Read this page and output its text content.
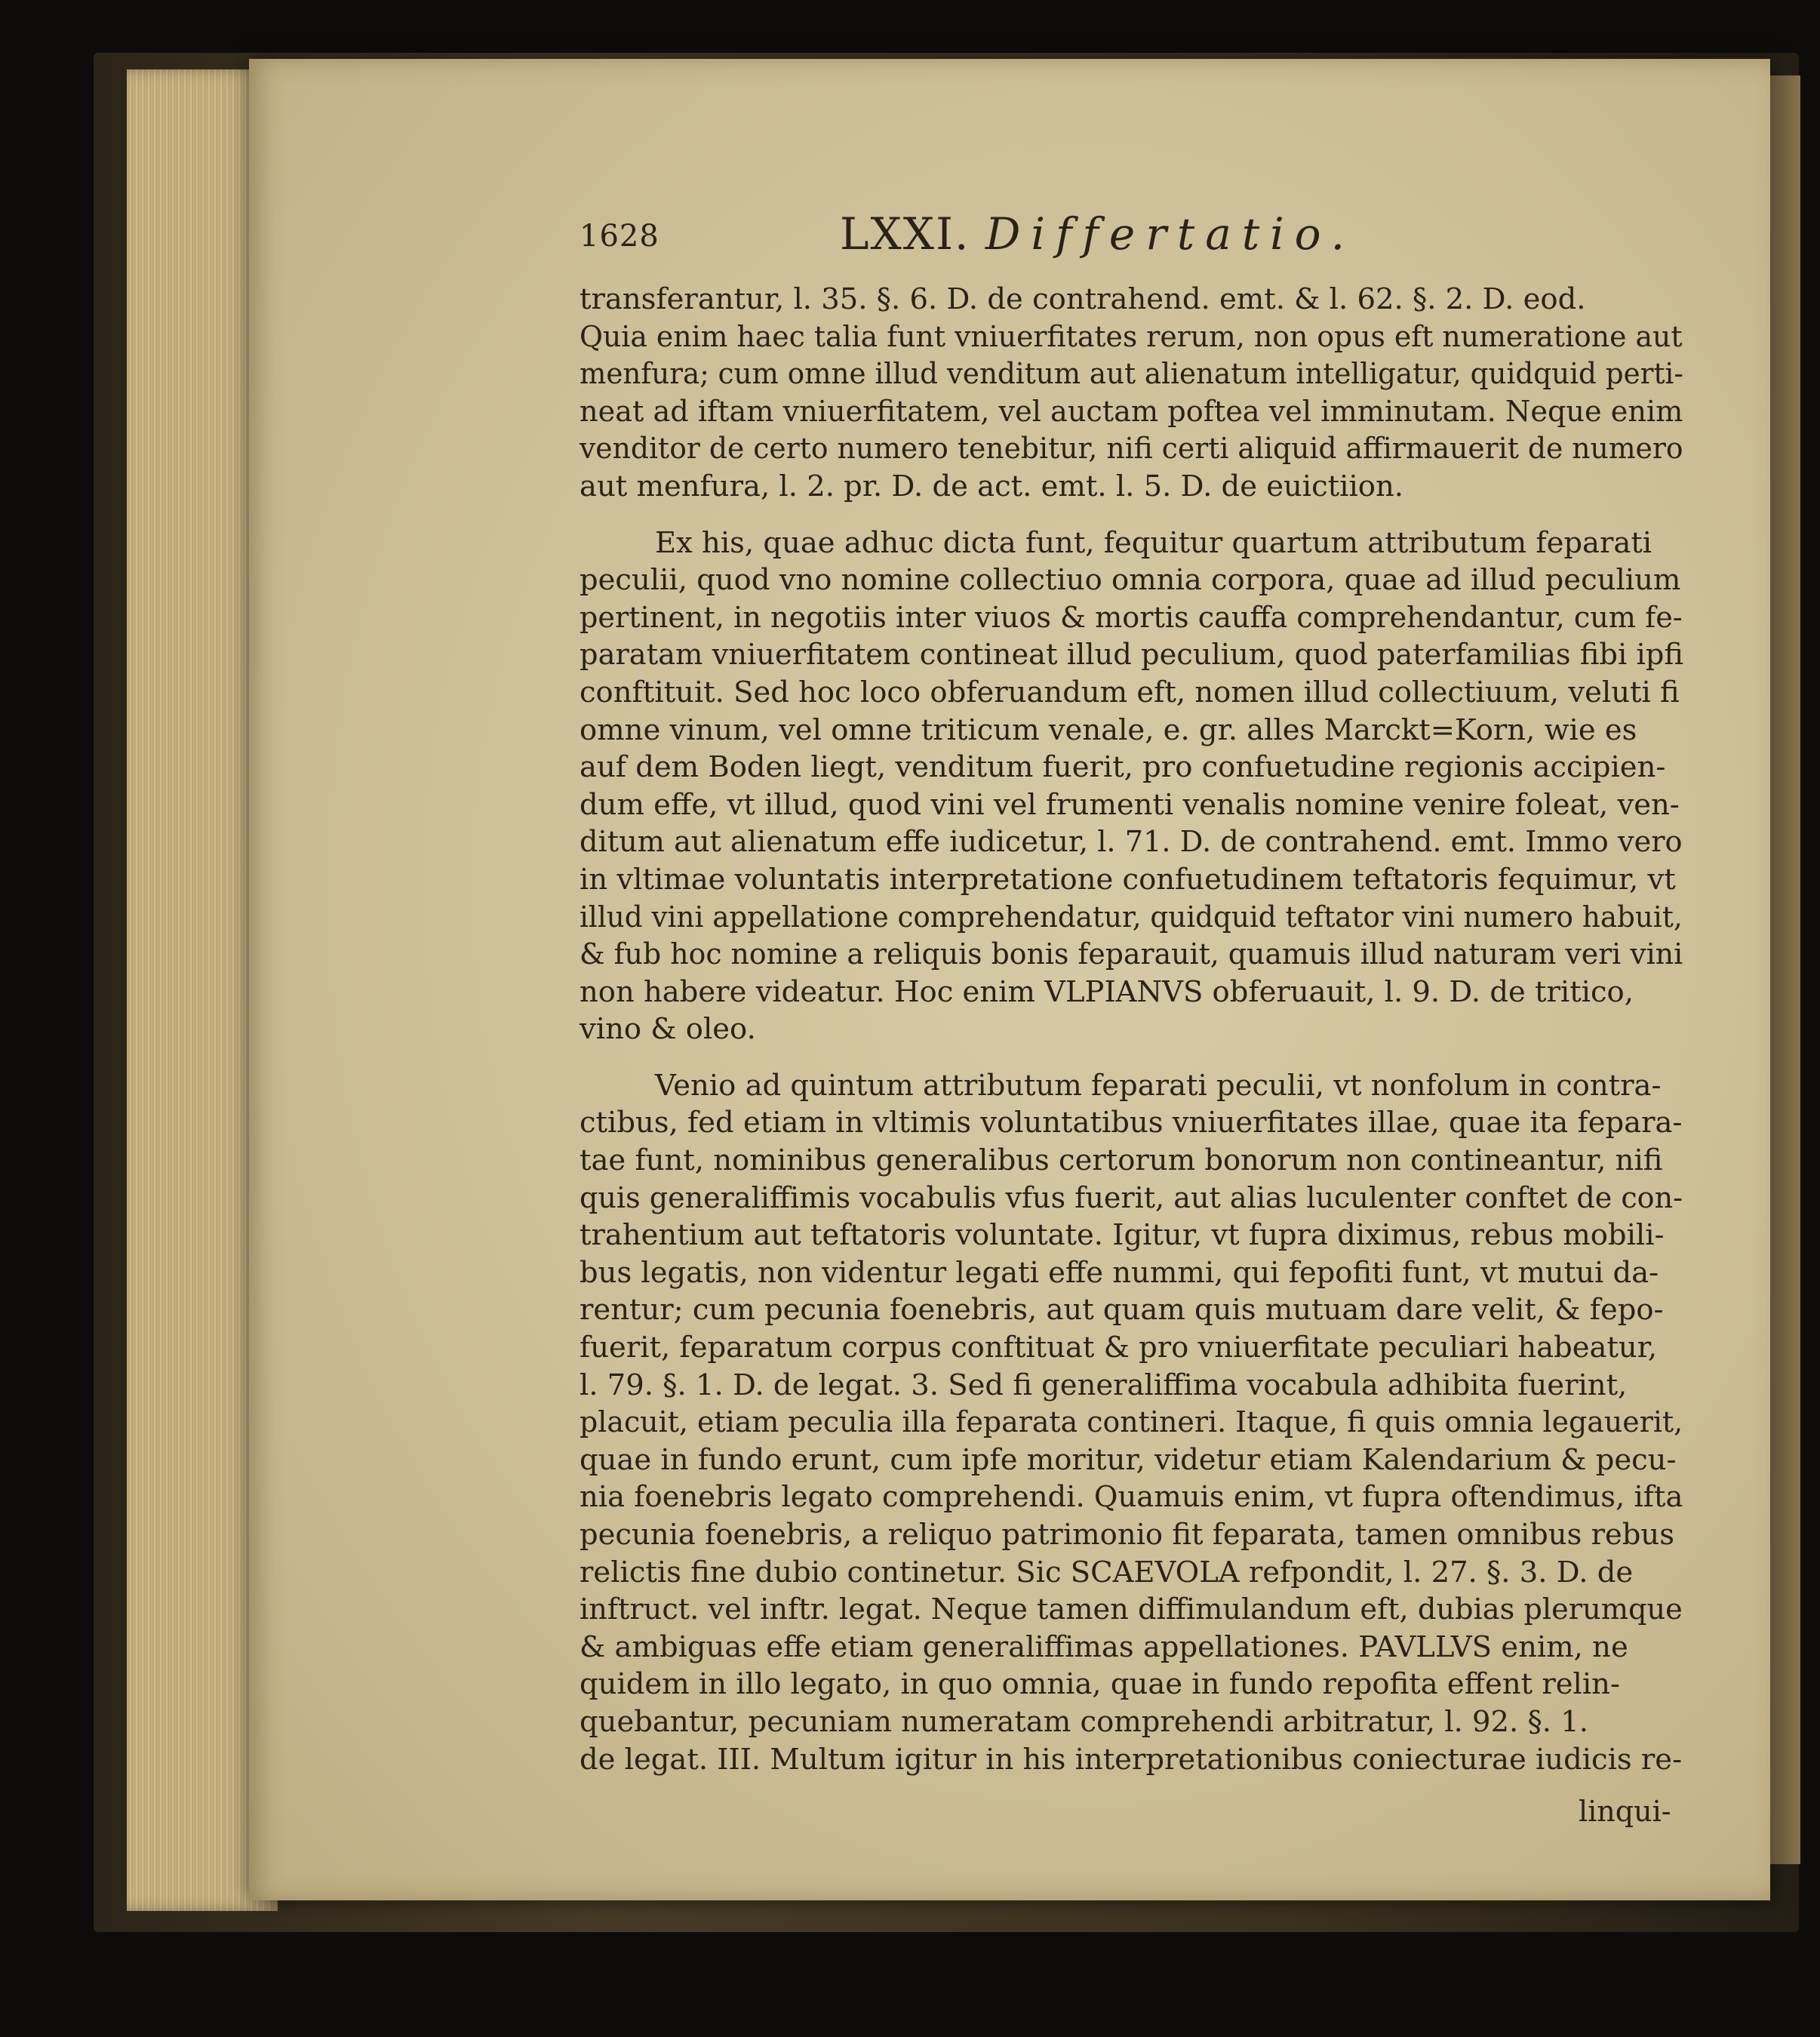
1628	LXXI. Differtatio.
transferantur, l. 35. §. 6. D. de contrahend. emt. & l. 62. §. 2. D. eod.
Quia enim haec talia funt vniuerfitates rerum, non opus eft numeratione aut
menfura; cum omne illud venditum aut alienatum intelligatur, quidquid perti-
neat ad iftam vniuerfitatem, vel auctam poftea vel imminutam. Neque enim
venditor de certo numero tenebitur, nifi certi aliquid affirmauerit de numero
aut menfura, l. 2. pr. D. de act. emt. l. 5. D. de euictiion.
Ex his, quae adhuc dicta funt, fequitur quartum attributum feparati
peculii, quod vno nomine collectiuo omnia corpora, quae ad illud peculium
pertinent, in negotiis inter viuos & mortis cauffa comprehendantur, cum fe-
paratam vniuerfitatem contineat illud peculium, quod paterfamilias fibi ipfi
conftituit. Sed hoc loco obferuandum eft, nomen illud collectiuum, veluti fi
omne vinum, vel omne triticum venale, e. gr. alles Marckt=Korn, wie es
auf dem Boden liegt, venditum fuerit, pro confuetudine regionis accipien-
dum effe, vt illud, quod vini vel frumenti venalis nomine venire foleat, ven-
ditum aut alienatum effe iudicetur, l. 71. D. de contrahend. emt. Immo vero
in vltimae voluntatis interpretatione confuetudinem teftatoris fequimur, vt
illud vini appellatione comprehendatur, quidquid teftator vini numero habuit,
& fub hoc nomine a reliquis bonis feparauit, quamuis illud naturam veri vini
non habere videatur. Hoc enim VLPIANVS obferuauit, l. 9. D. de tritico,
vino & oleo.
Venio ad quintum attributum feparati peculii, vt nonfolum in contra-
ctibus, fed etiam in vltimis voluntatibus vniuerfitates illae, quae ita fepara-
tae funt, nominibus generalibus certorum bonorum non contineantur, nifi
quis generaliffimis vocabulis vfus fuerit, aut alias luculenter conftet de con-
trahentium aut teftatoris voluntate. Igitur, vt fupra diximus, rebus mobili-
bus legatis, non videntur legati effe nummi, qui fepofiti funt, vt mutui da-
rentur; cum pecunia foenebris, aut quam quis mutuam dare velit, & fepo-
fuerit, feparatum corpus conftituat & pro vniuerfitate peculiari habeatur,
l. 79. §. 1. D. de legat. 3. Sed fi generaliffima vocabula adhibita fuerint,
placuit, etiam peculia illa feparata contineri. Itaque, fi quis omnia legauerit,
quae in fundo erunt, cum ipfe moritur, videtur etiam Kalendarium & pecu-
nia foenebris legato comprehendi. Quamuis enim, vt fupra oftendimus, ifta
pecunia foenebris, a reliquo patrimonio fit feparata, tamen omnibus rebus
relictis fine dubio continetur. Sic SCAEVOLA refpondit, l. 27. §. 3. D. de
inftruct. vel inftr. legat. Neque tamen diffimulandum eft, dubias plerumque
& ambiguas effe etiam generaliffimas appellationes. PAVLLVS enim, ne
quidem in illo legato, in quo omnia, quae in fundo repofita effent relin-
quebantur, pecuniam numeratam comprehendi arbitratur, l. 92. §. 1.
de legat. III. Multum igitur in his interpretationibus coniecturae iudicis re-
linqui-
